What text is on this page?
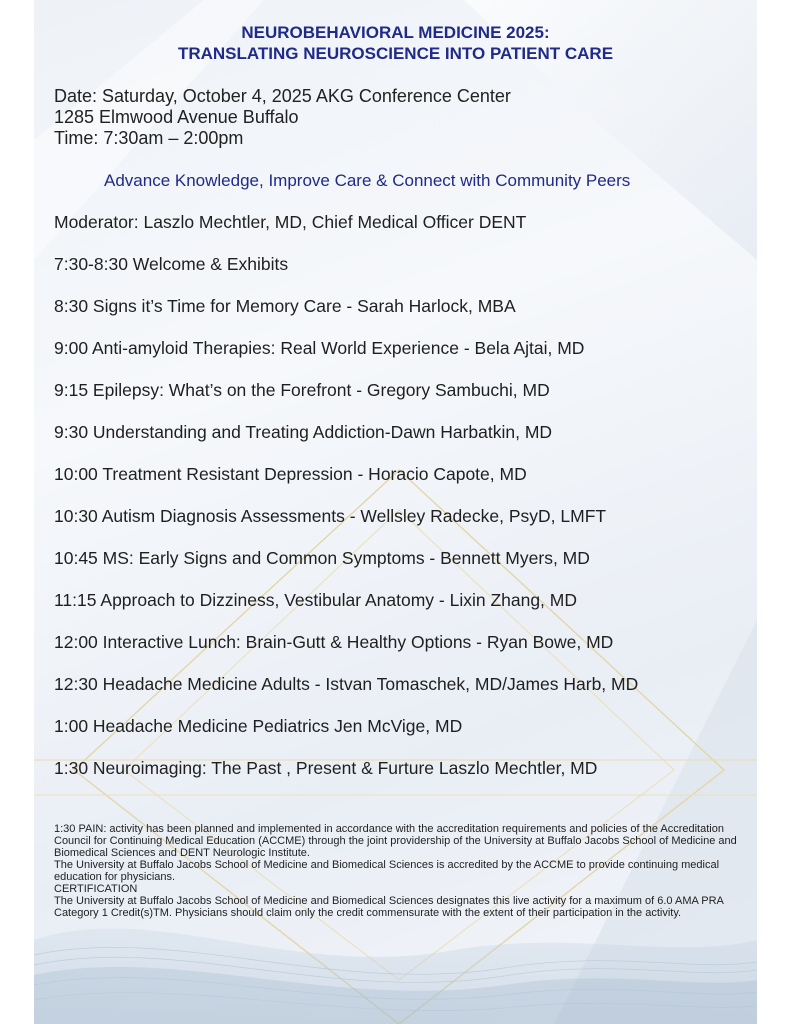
NEUROBEHAVIORAL MEDICINE 2025:
TRANSLATING NEUROSCIENCE INTO PATIENT CARE
Date: Saturday, October 4, 2025 AKG Conference Center
1285 Elmwood Avenue Buffalo
Time: 7:30am – 2:00pm
Advance Knowledge, Improve Care & Connect with Community Peers
Moderator: Laszlo Mechtler, MD, Chief Medical Officer DENT
7:30-8:30 Welcome & Exhibits
8:30 Signs it’s Time for Memory Care - Sarah Harlock, MBA
9:00 Anti-amyloid Therapies: Real World Experience - Bela Ajtai, MD
9:15 Epilepsy: What’s on the Forefront - Gregory Sambuchi, MD
9:30 Understanding and Treating Addiction-Dawn Harbatkin, MD
10:00 Treatment Resistant Depression - Horacio Capote, MD
10:30 Autism Diagnosis Assessments - Wellsley Radecke, PsyD, LMFT
10:45 MS: Early Signs and Common Symptoms - Bennett Myers, MD
11:15 Approach to Dizziness, Vestibular Anatomy - Lixin Zhang, MD
12:00 Interactive Lunch: Brain-Gutt & Healthy Options - Ryan Bowe, MD
12:30 Headache Medicine Adults - Istvan Tomaschek, MD/James Harb, MD
1:00 Headache Medicine Pediatrics Jen McVige, MD
1:30 Neuroimaging: The Past , Present & Furture Laszlo Mechtler, MD

1:30 PAIN: activity has been planned and implemented in accordance with the accreditation requirements and policies of the Accreditation Council for Continuing Medical Education (ACCME) through the joint providership of the University at Buffalo Jacobs School of Medicine and Biomedical Sciences and DENT Neurologic Institute.

The University at Buffalo Jacobs School of Medicine and Biomedical Sciences is accredited by the ACCME to provide continuing medical education for physicians.

CERTIFICATION

The University at Buffalo Jacobs School of Medicine and Biomedical Sciences designates this live activity for a maximum of 6.0 AMA PRA Category 1 Credit(s)TM. Physicians should claim only the credit commensurate with the extent of their participation in the activity.
